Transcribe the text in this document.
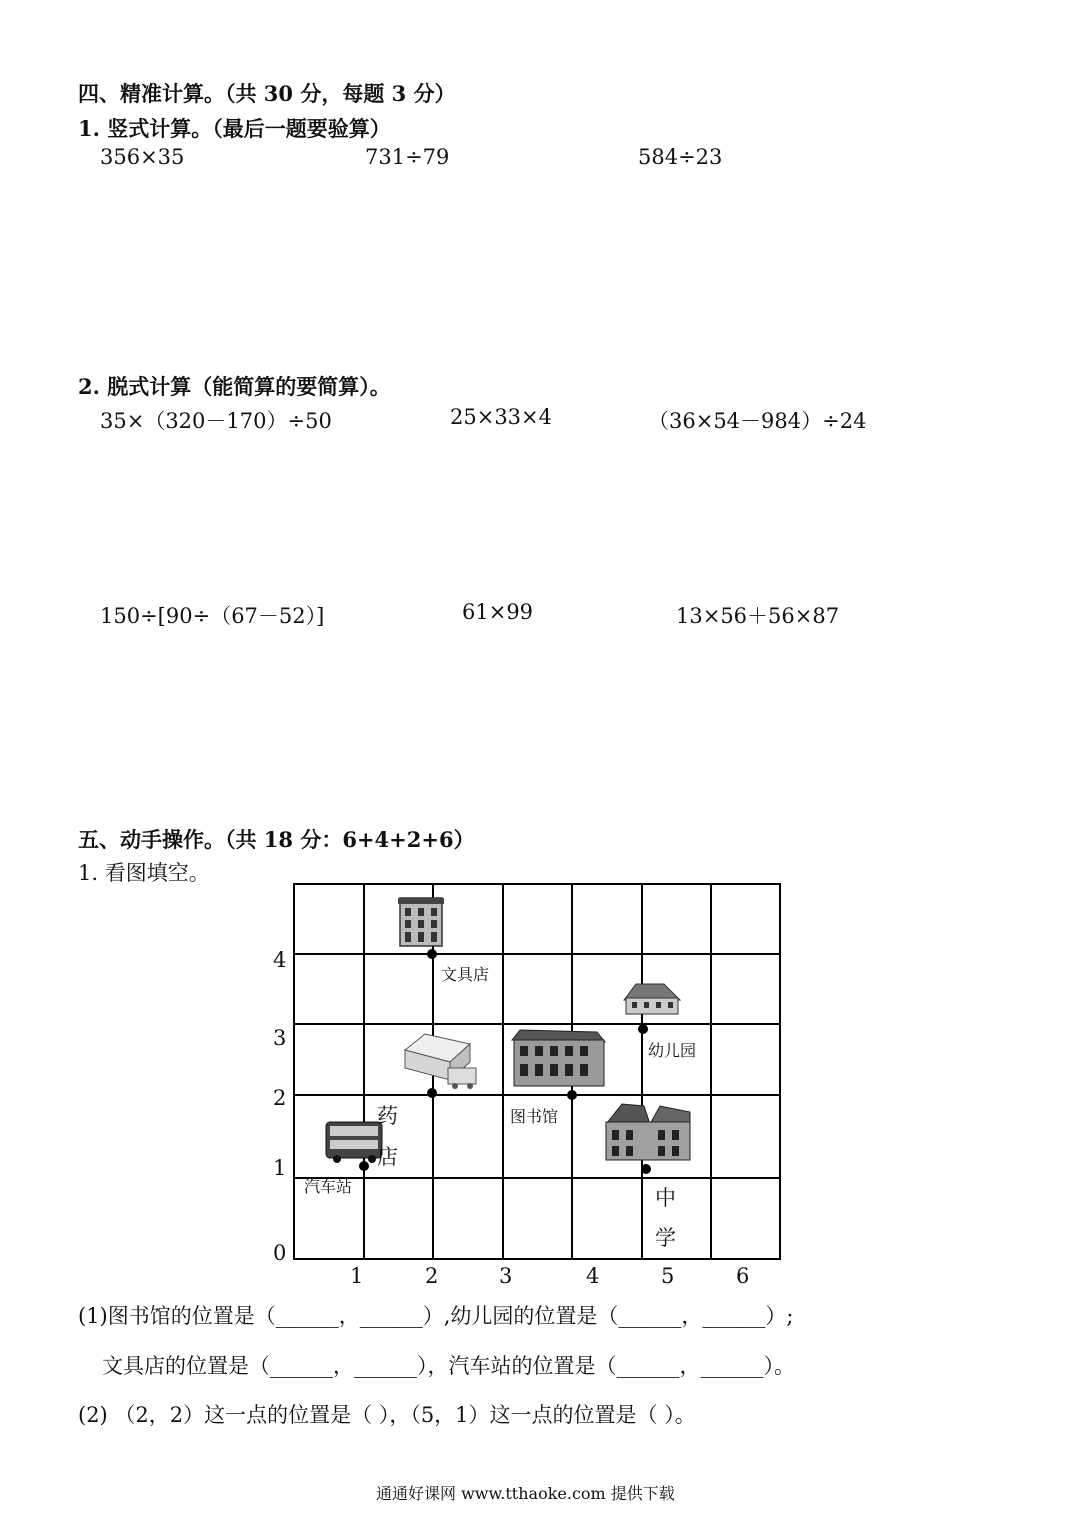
四、精准计算。（共 30 分，每题 3 分）
1. 竖式计算。（最后一题要验算）
356×35	731÷79	584÷23
2. 脱式计算（能简算的要简算）。
35×（320－170）÷50	25×33×4	（36×54－984）÷24
150÷[90÷（67－52）]	61×99	13×56＋56×87
五、动手操作。（共 18 分：6+4+2+6）
1. 看图填空。
4
3
2
1
0
1	2	3	4	5	6
文具店
幼儿园
药
店
图书馆
汽车站	中
学
(1)图书馆的位置是（______，______）,幼儿园的位置是（______，______）;
文具店的位置是（______，______），汽车站的位置是（______，______）。
(2) （2，2）这一点的位置是（ ），（5，1）这一点的位置是（ ）。
通通好课网 www.tthaoke.com 提供下载
